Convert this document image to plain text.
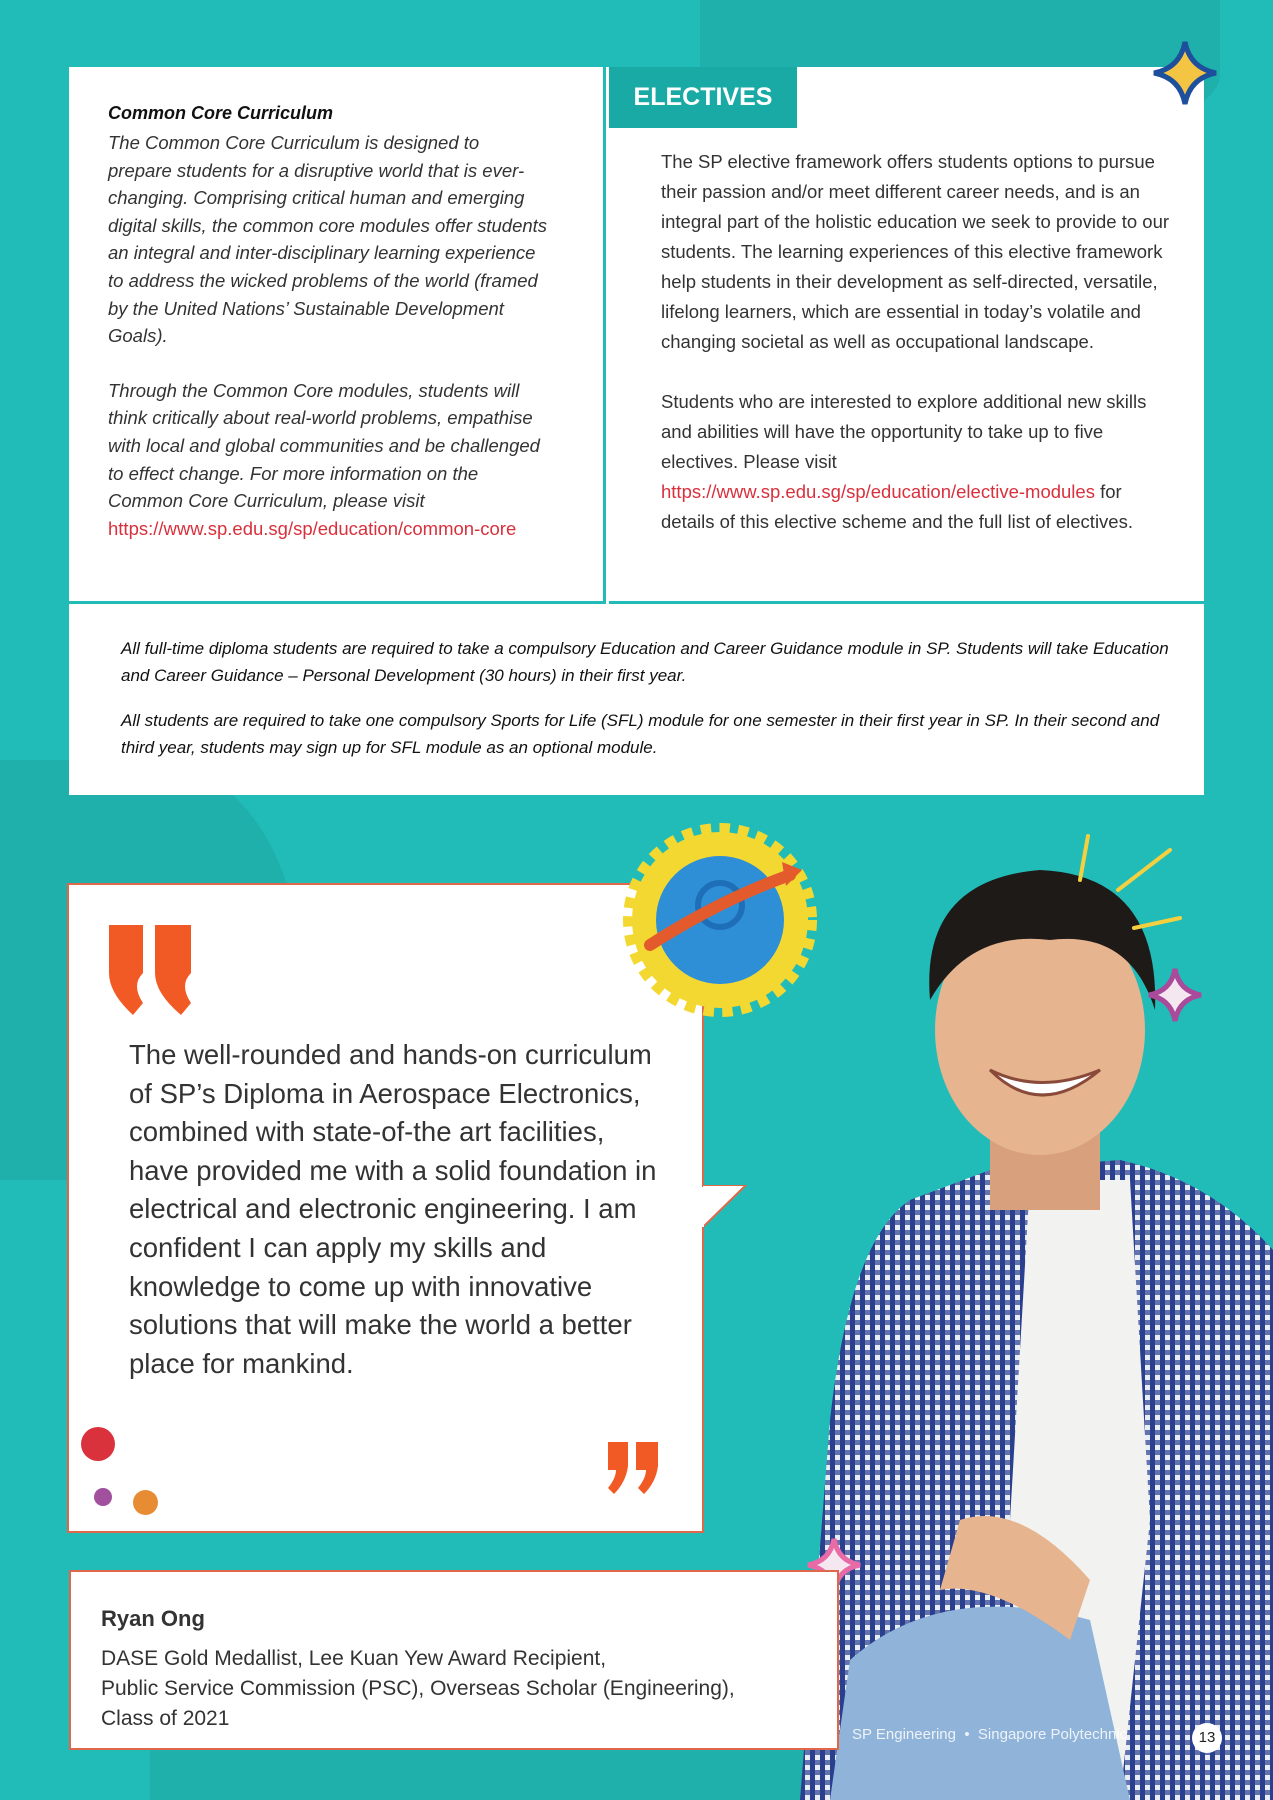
Common Core Curriculum

The Common Core Curriculum is designed to prepare students for a disruptive world that is ever-changing. Comprising critical human and emerging digital skills, the common core modules offer students an integral and inter-disciplinary learning experience to address the wicked problems of the world (framed by the United Nations’ Sustainable Development Goals).

Through the Common Core modules, students will think critically about real-world problems, empathise with local and global communities and be challenged to effect change. For more information on the Common Core Curriculum, please visit https://www.sp.edu.sg/sp/education/common-core

ELECTIVES

The SP elective framework offers students options to pursue their passion and/or meet different career needs, and is an integral part of the holistic education we seek to provide to our students. The learning experiences of this elective framework help students in their development as self-directed, versatile, lifelong learners, which are essential in today’s volatile and changing societal as well as occupational landscape.

Students who are interested to explore additional new skills and abilities will have the opportunity to take up to five electives. Please visit https://www.sp.edu.sg/sp/education/elective-modules for details of this elective scheme and the full list of electives.

All full-time diploma students are required to take a compulsory Education and Career Guidance module in SP. Students will take Education and Career Guidance – Personal Development (30 hours) in their first year.

All students are required to take one compulsory Sports for Life (SFL) module for one semester in their first year in SP. In their second and third year, students may sign up for SFL module as an optional module.

The well-rounded and hands-on curriculum of SP’s Diploma in Aerospace Electronics, combined with state-of-the art facilities, have provided me with a solid foundation in electrical and electronic engineering. I am confident I can apply my skills and knowledge to come up with innovative solutions that will make the world a better place for mankind.
Ryan Ong
DASE Gold Medallist, Lee Kuan Yew Award Recipient,
Public Service Commission (PSC), Overseas Scholar (Engineering),
Class of 2021
SP Engineering • Singapore Polytechnic	13
